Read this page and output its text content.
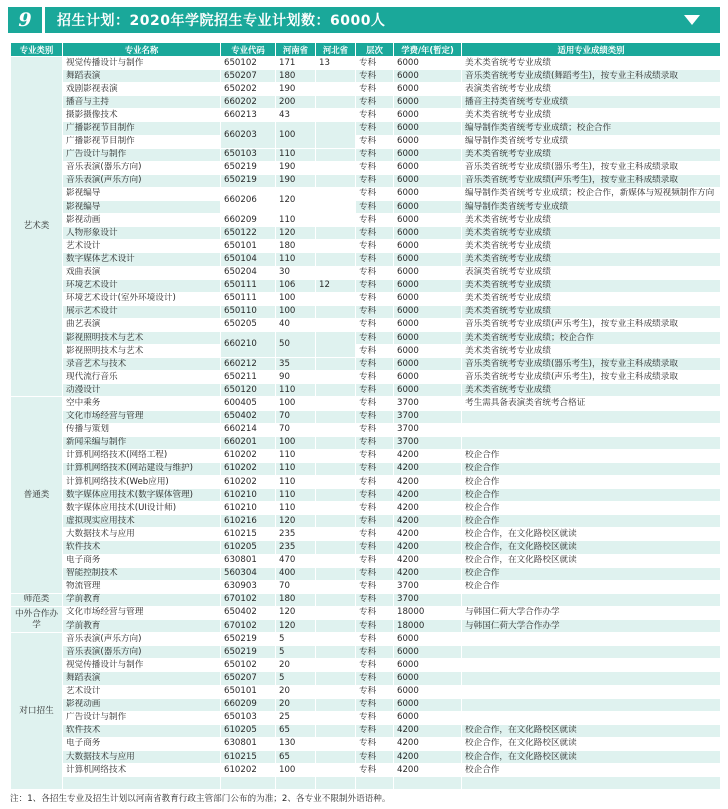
9	招生计划：2020年学院招生专业计划数：6000人
专业类别	专业名称	专业代码	河南省	河北省	层次	学费/年(暂定)	适用专业成绩类别
艺术类	视觉传播设计与制作	650102	171	13	专科	6000	美术类省统考专业成绩
	舞蹈表演	650207	180		专科	6000	音乐类省统考专业成绩(舞蹈考生)，按专业主科成绩录取
	戏剧影视表演	650202	190		专科	6000	表演类省统考专业成绩
	播音与主持	660202	200		专科	6000	播音主持类省统考专业成绩
	摄影摄像技术	660213	43		专科	6000	美术类省统考专业成绩
	广播影视节目制作	660203	100		专科	6000	编导制作类省统考专业成绩；校企合作
	广播影视节目制作				专科	6000	编导制作类省统考专业成绩
	广告设计与制作	650103	110		专科	6000	美术类省统考专业成绩
	音乐表演(器乐方向)	650219	190		专科	6000	音乐类省统考专业成绩(器乐考生)，按专业主科成绩录取
	音乐表演(声乐方向)	650219	190		专科	6000	音乐类省统考专业成绩(声乐考生)，按专业主科成绩录取
	影视编导	660206	120		专科	6000	编导制作类省统考专业成绩；校企合作，新媒体与短视频制作方向
	影视编导				专科	6000	编导制作类省统考专业成绩
	影视动画	660209	110		专科	6000	美术类省统考专业成绩
	人物形象设计	650122	120		专科	6000	美术类省统考专业成绩
	艺术设计	650101	180		专科	6000	美术类省统考专业成绩
	数字媒体艺术设计	650104	110		专科	6000	美术类省统考专业成绩
	戏曲表演	650204	30		专科	6000	表演类省统考专业成绩
	环境艺术设计	650111	106	12	专科	6000	美术类省统考专业成绩
	环境艺术设计(室外环境设计)	650111	100		专科	6000	美术类省统考专业成绩
	展示艺术设计	650110	100		专科	6000	美术类省统考专业成绩
	曲艺表演	650205	40		专科	6000	音乐类省统考专业成绩(声乐考生)，按专业主科成绩录取
	影视照明技术与艺术	660210	50		专科	6000	美术类省统考专业成绩；校企合作
	影视照明技术与艺术				专科	6000	美术类省统考专业成绩
	录音艺术与技术	660212	35		专科	6000	音乐类省统考专业成绩(器乐考生)，按专业主科成绩录取
	现代流行音乐	650211	90		专科	6000	音乐类省统考专业成绩(声乐考生)，按专业主科成绩录取
	动漫设计	650120	110		专科	6000	美术类省统考专业成绩
普通类	空中乘务	600405	100		专科	3700	考生需具备表演类省统考合格证
	文化市场经营与管理	650402	70		专科	3700	
	传播与策划	660214	70		专科	3700	
	新闻采编与制作	660201	100		专科	3700	
	计算机网络技术(网络工程)	610202	110		专科	4200	校企合作
	计算机网络技术(网站建设与维护)	610202	110		专科	4200	校企合作
	计算机网络技术(Web应用)	610202	110		专科	4200	校企合作
	数字媒体应用技术(数字媒体管理)	610210	110		专科	4200	校企合作
	数字媒体应用技术(UI设计师)	610210	110		专科	4200	校企合作
	虚拟现实应用技术	610216	120		专科	4200	校企合作
	大数据技术与应用	610215	235		专科	4200	校企合作，在文化路校区就读
	软件技术	610205	235		专科	4200	校企合作，在文化路校区就读
	电子商务	630801	470		专科	4200	校企合作，在文化路校区就读
	智能控制技术	560304	400		专科	4200	校企合作
	物流管理	630903	70		专科	3700	校企合作
师范类	学前教育	670102	180		专科	3700	
中外合作办学	文化市场经营与管理	650402	120		专科	18000	与韩国仁荷大学合作办学
	学前教育	670102	120		专科	18000	与韩国仁荷大学合作办学
对口招生	音乐表演(声乐方向)	650219	5		专科	6000	
	音乐表演(器乐方向)	650219	5		专科	6000	
	视觉传播设计与制作	650102	20		专科	6000	
	舞蹈表演	650207	5		专科	6000	
	艺术设计	650101	20		专科	6000	
	影视动画	660209	20		专科	6000	
	广告设计与制作	650103	25		专科	6000	
	软件技术	610205	65		专科	4200	校企合作，在文化路校区就读
	电子商务	630801	130		专科	4200	校企合作，在文化路校区就读
	大数据技术与应用	610215	65		专科	4200	校企合作，在文化路校区就读
	计算机网络技术	610202	100		专科	4200	校企合作

注：1、各招生专业及招生计划以河南省教育行政主管部门公布的为准；2、各专业不限制外语语种。
